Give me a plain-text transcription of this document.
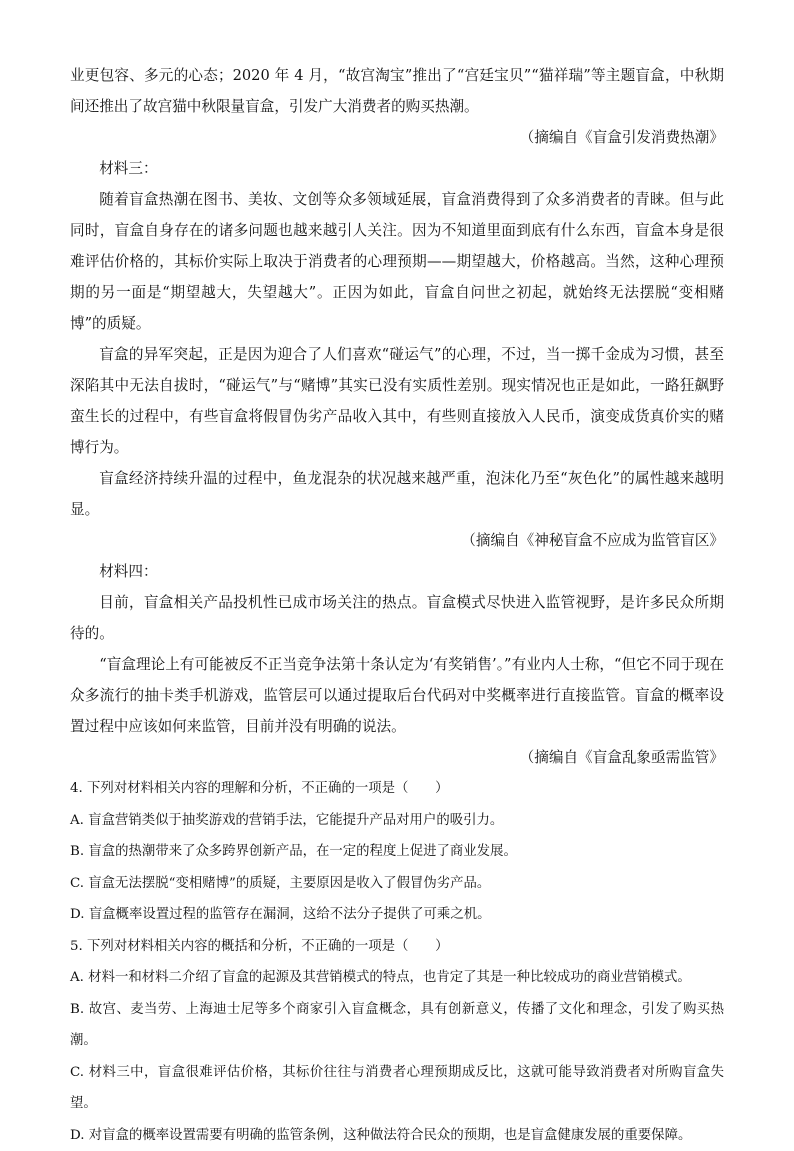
业更包容、多元的心态；2020 年 4 月，“故宫淘宝”推出了“宫廷宝贝”“猫祥瑞”等主题盲盒，中秋期间还推出了故宫猫中秋限量盲盒，引发广大消费者的购买热潮。

（摘编自《盲盒引发消费热潮》

材料三：

随着盲盒热潮在图书、美妆、文创等众多领域延展，盲盒消费得到了众多消费者的青睐。但与此同时，盲盒自身存在的诸多问题也越来越引人关注。因为不知道里面到底有什么东西，盲盒本身是很难评估价格的，其标价实际上取决于消费者的心理预期——期望越大，价格越高。当然，这种心理预期的另一面是“期望越大，失望越大”。正因为如此，盲盒自问世之初起，就始终无法摆脱“变相赌博”的质疑。

盲盒的异军突起，正是因为迎合了人们喜欢“碰运气”的心理，不过，当一掷千金成为习惯，甚至深陷其中无法自拔时，“碰运气”与“赌博”其实已没有实质性差别。现实情况也正是如此，一路狂飙野蛮生长的过程中，有些盲盒将假冒伪劣产品收入其中，有些则直接放入人民币，演变成货真价实的赌博行为。

盲盒经济持续升温的过程中，鱼龙混杂的状况越来越严重，泡沫化乃至“灰色化”的属性越来越明显。

（摘编自《神秘盲盒不应成为监管盲区》

材料四：

目前，盲盒相关产品投机性已成市场关注的热点。盲盒模式尽快进入监管视野，是许多民众所期待的。

“盲盒理论上有可能被反不正当竞争法第十条认定为‘有奖销售’。”有业内人士称，“但它不同于现在众多流行的抽卡类手机游戏，监管层可以通过提取后台代码对中奖概率进行直接监管。盲盒的概率设置过程中应该如何来监管，目前并没有明确的说法。

（摘编自《盲盒乱象亟需监管》

4. 下列对材料相关内容的理解和分析，不正确的一项是（　　）

A. 盲盒营销类似于抽奖游戏的营销手法，它能提升产品对用户的吸引力。

B. 盲盒的热潮带来了众多跨界创新产品，在一定的程度上促进了商业发展。

C. 盲盒无法摆脱“变相赌博”的质疑，主要原因是收入了假冒伪劣产品。

D. 盲盒概率设置过程的监管存在漏洞，这给不法分子提供了可乘之机。

5. 下列对材料相关内容的概括和分析，不正确的一项是（　　）

A. 材料一和材料二介绍了盲盒的起源及其营销模式的特点，也肯定了其是一种比较成功的商业营销模式。

B. 故宫、麦当劳、上海迪士尼等多个商家引入盲盒概念，具有创新意义，传播了文化和理念，引发了购买热潮。

C. 材料三中，盲盒很难评估价格，其标价往往与消费者心理预期成反比，这就可能导致消费者对所购盲盒失望。

D. 对盲盒的概率设置需要有明确的监管条例，这种做法符合民众的预期，也是盲盒健康发展的重要保障。
